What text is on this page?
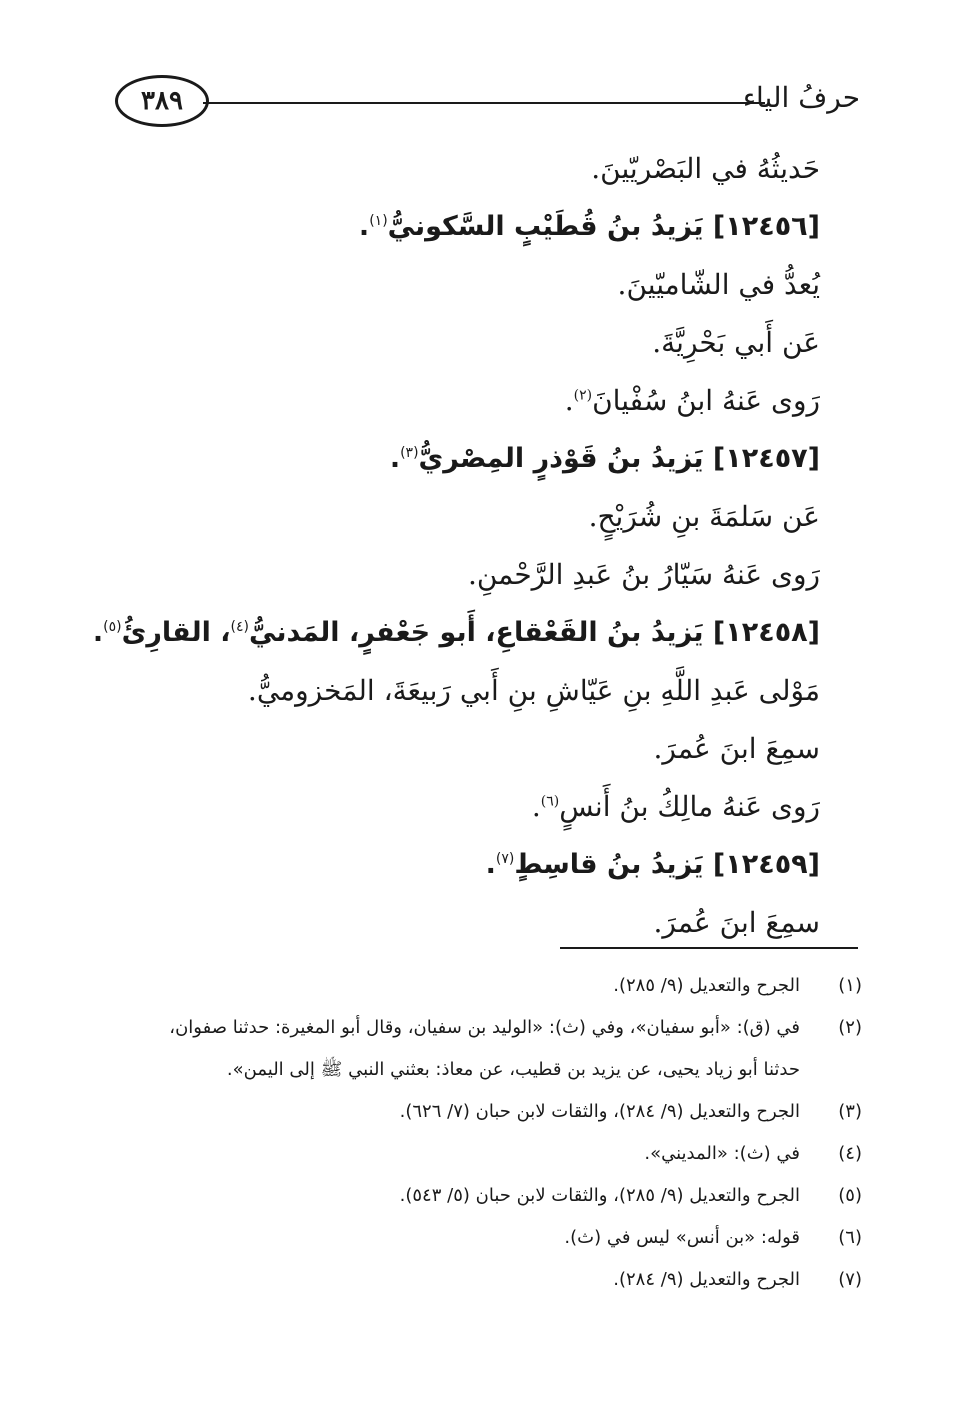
٣٨٩	حرفُ الياء
حَديثُهُ في البَصْريّينَ.
[١٢٤٥٦] يَزيدُ بنُ قُطَيْبٍ السَّكونيُّ$^{(١)}$.
يُعدُّ في الشّاميّينَ.
عَن أَبي بَحْرِيَّةَ.
رَوى عَنهُ ابنُ سُفْيانَ$^{(٢)}$.
[١٢٤٥٧] يَزيدُ بنُ قَوْذرٍ المِصْريُّ$^{(٣)}$.
عَن سَلمَةَ بنِ شُرَيْحٍ.
رَوى عَنهُ سَيّارُ بنُ عَبدِ الرَّحْمنِ.
[١٢٤٥٨] يَزيدُ بنُ القَعْقاعِ، أَبو جَعْفرٍ، المَدنيُّ$^{(٤)}$، القارِئُ$^{(٥)}$.
مَوْلى عَبدِ اللَّهِ بنِ عَيّاشِ بنِ أَبي رَبيعَةَ، المَخزوميُّ.
سمِعَ ابنَ عُمرَ.
رَوى عَنهُ مالِكُ بنُ أَنسٍ$^{(٦)}$.
[١٢٤٥٩] يَزيدُ بنُ قاسِطٍ$^{(٧)}$.
سمِعَ ابنَ عُمرَ.
(١)
الجرح والتعديل (٩/ ٢٨٥).
(٢)
في (ق): «أبو سفيان»، وفي (ث): «الوليد بن سفيان، وقال أبو المغيرة: حدثنا صفوان، حدثنا أبو زياد يحيى، عن يزيد بن قطيب، عن معاذ: بعثني النبي ﷺ إلى اليمن».
(٣)
الجرح والتعديل (٩/ ٢٨٤)، والثقات لابن حبان (٧/ ٦٢٦).
(٤)
في (ث): «المديني».
(٥)
الجرح والتعديل (٩/ ٢٨٥)، والثقات لابن حبان (٥/ ٥٤٣).
(٦)
قوله: «بن أنس» ليس في (ث).
(٧)
الجرح والتعديل (٩/ ٢٨٤).
